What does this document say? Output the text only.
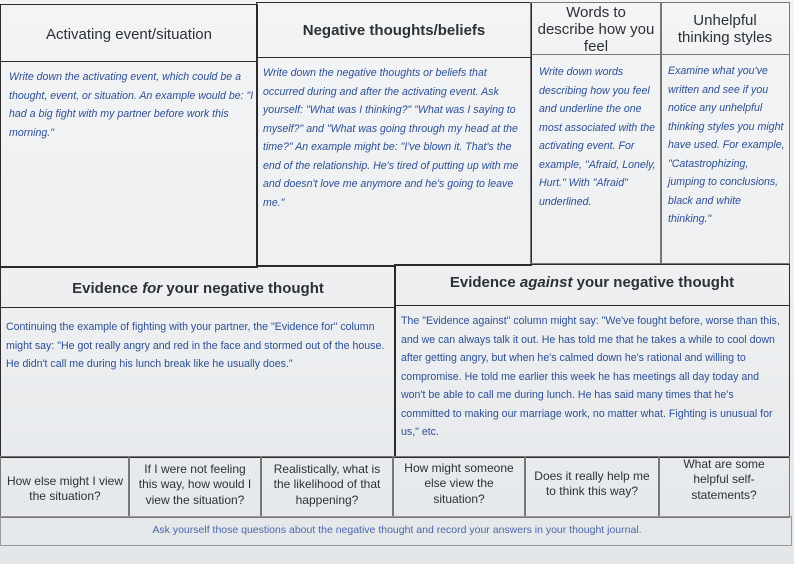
Activating event/situation	Negative thoughts/beliefs
Words to describe how you feel
Unhelpful thinking styles
Write down the activating event, which could be a thought, event, or situation. An example would be: "I had a big fight with my partner before work this morning."
Write down the negative thoughts or beliefs that occurred during and after the activating event. Ask yourself: "What was I thinking?" "What was I saying to myself?" and "What was going through my head at the time?" An example might be: "I've blown it. That's the end of the relationship. He's tired of putting up with me and doesn't love me anymore and he's going to leave me."
Write down words describing how you feel and underline the one most associated with the activating event. For example, "Afraid, Lonely, Hurt." With "Afraid" underlined.
Examine what you've written and see if you notice any unhelpful thinking styles you might have used. For example, "Catastrophizing, jumping to conclusions, black and white thinking."
Evidence for your negative thought	Evidence against your negative thought
Continuing the example of fighting with your partner, the "Evidence for" column might say: "He got really angry and red in the face and stormed out of the house. He didn't call me during his lunch break like he usually does."
The "Evidence against" column might say: "We've fought before, worse than this, and we can always talk it out. He has told me that he takes a while to cool down after getting angry, but when he's calmed down he's rational and willing to compromise. He told me earlier this week he has meetings all day today and won't be able to call me during lunch. He has said many times that he's committed to making our marriage work, no matter what. Fighting is unusual for us," etc.
How else might I view the situation?
If I were not feeling this way, how would I view the situation?
Realistically, what is the likelihood of that happening?
How might someone else view the situation?
Does it really help me to think this way?
What are some helpful self-statements?
Ask yourself those questions about the negative thought and record your answers in your thought journal.
